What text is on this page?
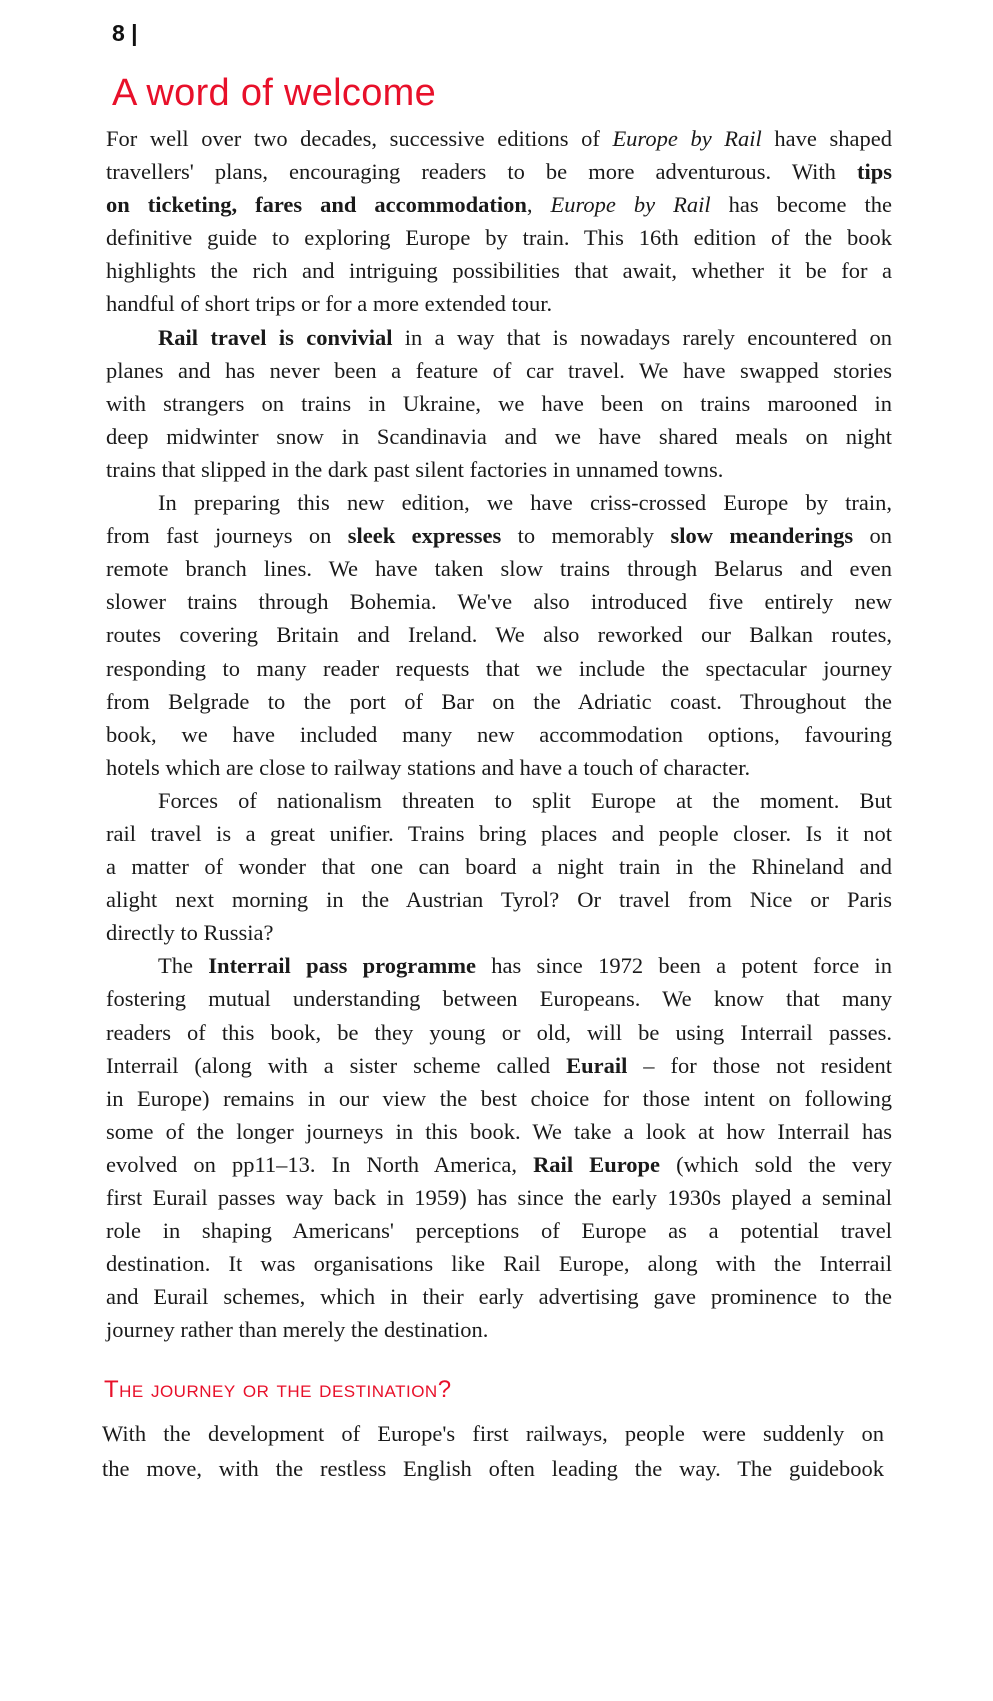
8 |
A word of welcome
For well over two decades, successive editions of Europe by Rail have shaped
travellers' plans, encouraging readers to be more adventurous. With tips
on ticketing, fares and accommodation, Europe by Rail has become the
definitive guide to exploring Europe by train. This 16th edition of the book
highlights the rich and intriguing possibilities that await, whether it be for a
handful of short trips or for a more extended tour.
Rail travel is convivial in a way that is nowadays rarely encountered on
planes and has never been a feature of car travel. We have swapped stories
with strangers on trains in Ukraine, we have been on trains marooned in
deep midwinter snow in Scandinavia and we have shared meals on night
trains that slipped in the dark past silent factories in unnamed towns.
In preparing this new edition, we have criss-crossed Europe by train,
from fast journeys on sleek expresses to memorably slow meanderings on
remote branch lines. We have taken slow trains through Belarus and even
slower trains through Bohemia. We've also introduced five entirely new
routes covering Britain and Ireland. We also reworked our Balkan routes,
responding to many reader requests that we include the spectacular journey
from Belgrade to the port of Bar on the Adriatic coast. Throughout the
book, we have included many new accommodation options, favouring
hotels which are close to railway stations and have a touch of character.
Forces of nationalism threaten to split Europe at the moment. But
rail travel is a great unifier. Trains bring places and people closer. Is it not
a matter of wonder that one can board a night train in the Rhineland and
alight next morning in the Austrian Tyrol? Or travel from Nice or Paris
directly to Russia?
The Interrail pass programme has since 1972 been a potent force in
fostering mutual understanding between Europeans. We know that many
readers of this book, be they young or old, will be using Interrail passes.
Interrail (along with a sister scheme called Eurail – for those not resident
in Europe) remains in our view the best choice for those intent on following
some of the longer journeys in this book. We take a look at how Interrail has
evolved on pp11–13. In North America, Rail Europe (which sold the very
first Eurail passes way back in 1959) has since the early 1930s played a seminal
role in shaping Americans' perceptions of Europe as a potential travel
destination. It was organisations like Rail Europe, along with the Interrail
and Eurail schemes, which in their early advertising gave prominence to the
journey rather than merely the destination.
The journey or the destination?
With the development of Europe's first railways, people were suddenly on
the move, with the restless English often leading the way. The guidebook
